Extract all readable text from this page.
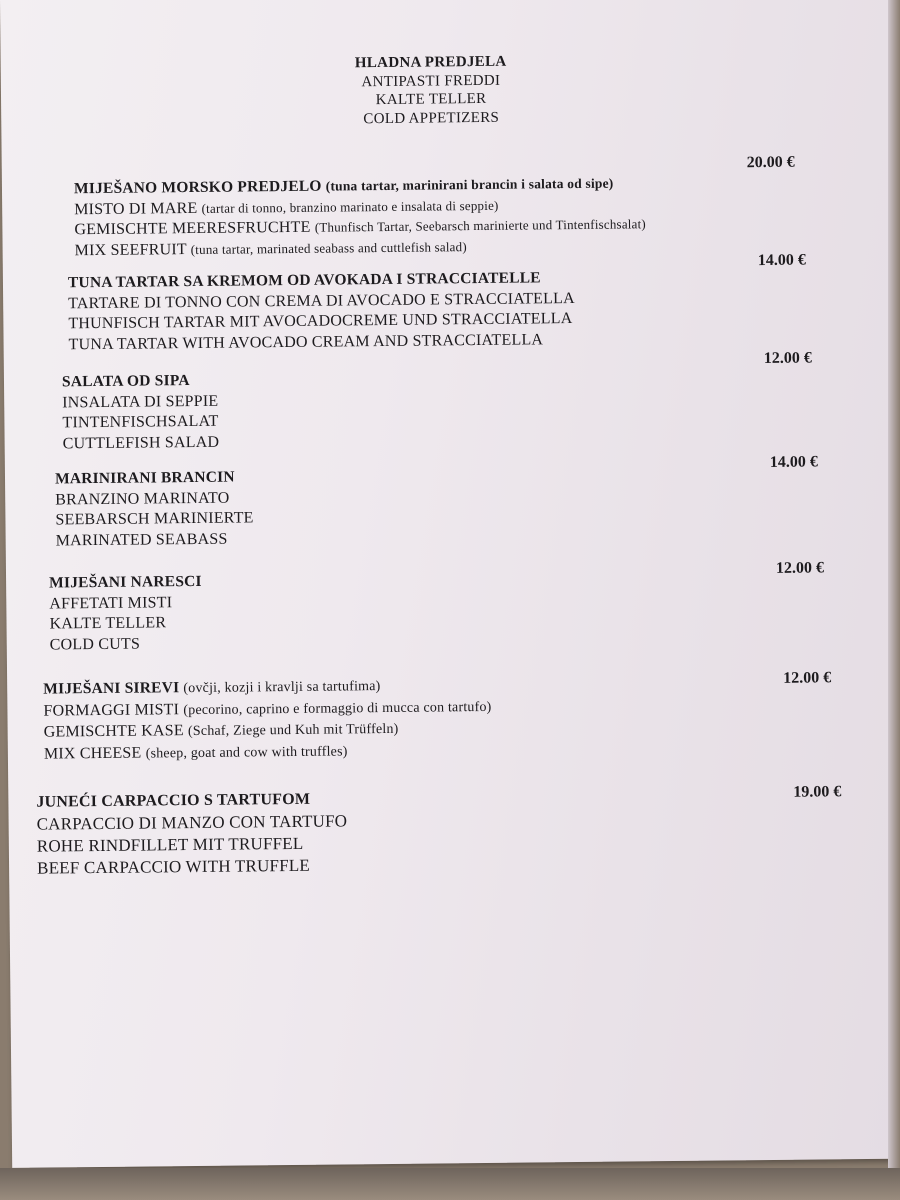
HLADNA PREDJELA
ANTIPASTI FREDDI
KALTE TELLER
COLD APPETIZERS
MIJEŠANO MORSKO PREDJELO (tuna tartar, marinirani brancin i salata od sipe)
MISTO DI MARE (tartar di tonno, branzino marinato e insalata di seppie)
GEMISCHTE MEERESFRUCHTE (Thunfisch Tartar, Seebarsch marinierte und Tintenfischsalat)
MIX SEEFRUIT (tuna tartar, marinated seabass and cuttlefish salad)
20.00 €
TUNA TARTAR SA KREMOM OD AVOKADA I STRACCIATELLE
TARTARE DI TONNO CON CREMA DI AVOCADO E STRACCIATELLA
THUNFISCH TARTAR MIT AVOCADOCREME UND STRACCIATELLA
TUNA TARTAR WITH AVOCADO CREAM AND STRACCIATELLA
14.00 €
SALATA OD SIPA
INSALATA DI SEPPIE
TINTENFISCHSALAT
CUTTLEFISH SALAD
12.00 €
MARINIRANI BRANCIN
BRANZINO MARINATO
SEEBARSCH MARINIERTE
MARINATED SEABASS
14.00 €
MIJEŠANI NARESCI
AFFETATI MISTI
KALTE TELLER
COLD CUTS
12.00 €
MIJEŠANI SIREVI (ovčji, kozji i kravlji sa tartufima)
FORMAGGI MISTI (pecorino, caprino e formaggio di mucca con tartufo)
GEMISCHTE KASE (Schaf, Ziege und Kuh mit Trüffeln)
MIX CHEESE (sheep, goat and cow with truffles)
12.00 €
JUNEĆI CARPACCIO S TARTUFOM
CARPACCIO DI MANZO CON TARTUFO
ROHE RINDFILLET MIT TRUFFEL
BEEF CARPACCIO WITH TRUFFLE
19.00 €
